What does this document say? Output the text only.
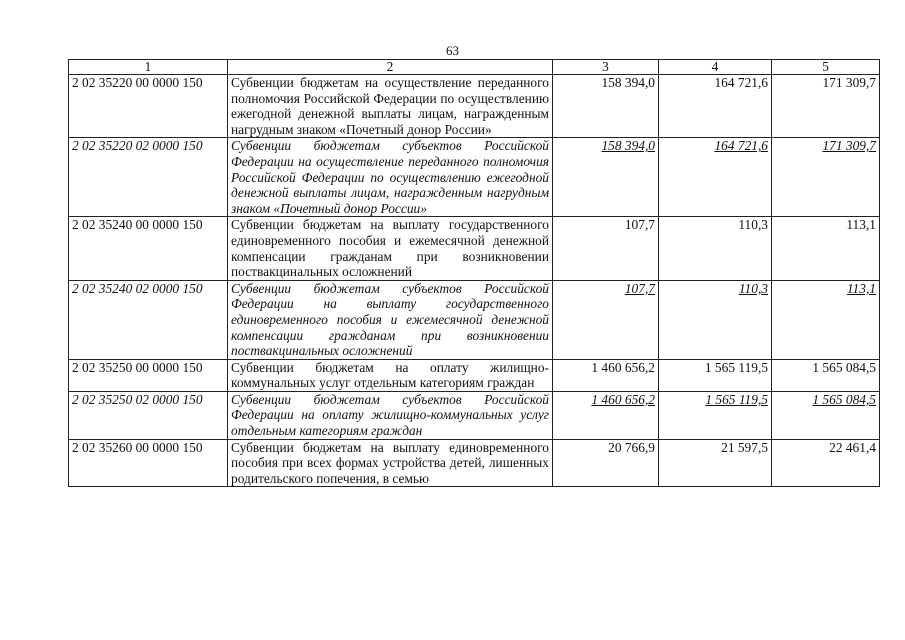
63
1	2	3	4	5
2 02 35220 00 0000 150	Субвенции бюджетам на осуществление переданного полномочия Российской Федерации по осуществлению ежегодной денежной выплаты лицам, награжденным нагрудным знаком «Почетный донор России»	158 394,0	164 721,6	171 309,7
2 02 35220 02 0000 150	Субвенции бюджетам субъектов Российской Федерации на осуществление переданного полномочия Российской Федерации по осуществлению ежегодной денежной выплаты лицам, награжденным нагрудным знаком «Почетный донор России»	158 394,0	164 721,6	171 309,7
2 02 35240 00 0000 150	Субвенции бюджетам на выплату государственного единовременного пособия и ежемесячной денежной компенсации гражданам при возникновении поствакцинальных осложнений	107,7	110,3	113,1
2 02 35240 02 0000 150	Субвенции бюджетам субъектов Российской Федерации на выплату государственного единовременного пособия и ежемесячной денежной компенсации гражданам при возникновении поствакцинальных осложнений	107,7	110,3	113,1
2 02 35250 00 0000 150	Субвенции бюджетам на оплату жилищно-коммунальных услуг отдельным категориям граждан	1 460 656,2	1 565 119,5	1 565 084,5
2 02 35250 02 0000 150	Субвенции бюджетам субъектов Российской Федерации на оплату жилищно-коммунальных услуг отдельным категориям граждан	1 460 656,2	1 565 119,5	1 565 084,5
2 02 35260 00 0000 150	Субвенции бюджетам на выплату единовременного пособия при всех формах устройства детей, лишенных родительского попечения, в семью	20 766,9	21 597,5	22 461,4
